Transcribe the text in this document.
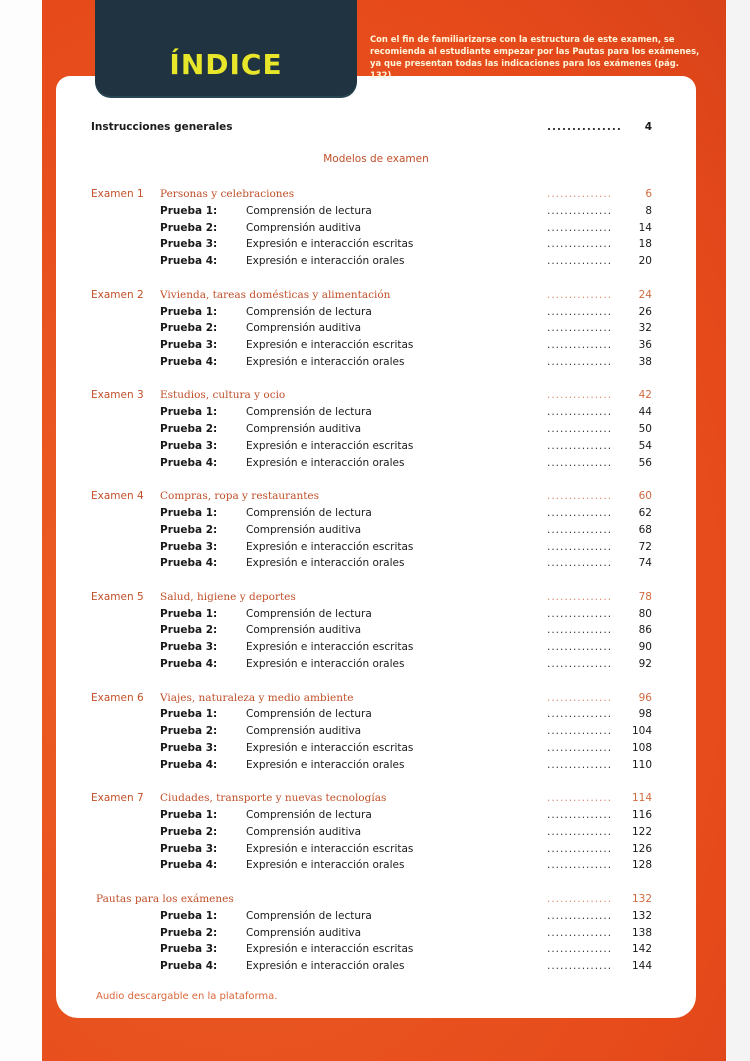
Instrucciones generales	...............	4
Modelos de examen
Examen 1 Personas y celebraciones	...............	6
Prueba 1:	Comprensión de lectura	...............	8
Prueba 2:	Comprensión auditiva	...............	14
Prueba 3:	Expresión e interacción escritas	...............	18
Prueba 4:	Expresión e interacción orales	...............	20
Examen 2 Vivienda, tareas domésticas y alimentación	...............	24
Prueba 1:	Comprensión de lectura	...............	26
Prueba 2:	Comprensión auditiva	...............	32
Prueba 3:	Expresión e interacción escritas	...............	36
Prueba 4:	Expresión e interacción orales	...............	38
Examen 3 Estudios, cultura y ocio	...............	42
Prueba 1:	Comprensión de lectura	...............	44
Prueba 2:	Comprensión auditiva	...............	50
Prueba 3:	Expresión e interacción escritas	...............	54
Prueba 4:	Expresión e interacción orales	...............	56
Examen 4 Compras, ropa y restaurantes	...............	60
Prueba 1:	Comprensión de lectura	...............	62
Prueba 2:	Comprensión auditiva	...............	68
Prueba 3:	Expresión e interacción escritas	...............	72
Prueba 4:	Expresión e interacción orales	...............	74
Examen 5 Salud, higiene y deportes	...............	78
Prueba 1:	Comprensión de lectura	...............	80
Prueba 2:	Comprensión auditiva	...............	86
Prueba 3:	Expresión e interacción escritas	...............	90
Prueba 4:	Expresión e interacción orales	...............	92
Examen 6 Viajes, naturaleza y medio ambiente	...............	96
Prueba 1:	Comprensión de lectura	...............	98
Prueba 2:	Comprensión auditiva	...............	104
Prueba 3:	Expresión e interacción escritas	...............	108
Prueba 4:	Expresión e interacción orales	...............	110
Examen 7 Ciudades, transporte y nuevas tecnologías	...............	114
Prueba 1:	Comprensión de lectura	...............	116
Prueba 2:	Comprensión auditiva	...............	122
Prueba 3:	Expresión e interacción escritas	...............	126
Prueba 4:	Expresión e interacción orales	...............	128
Pautas para los exámenes	...............	132
Prueba 1:	Comprensión de lectura	...............	132
Prueba 2:	Comprensión auditiva	...............	138
Prueba 3:	Expresión e interacción escritas	...............	142
Prueba 4:	Expresión e interacción orales	...............	144
Audio descargable en la plataforma.
ÍNDICE
Con el fin de familiarizarse con la estructura de este examen, se recomienda al estudiante empezar por las Pautas para los exámenes, ya que presentan todas las indicaciones para los exámenes (pág. 132).
